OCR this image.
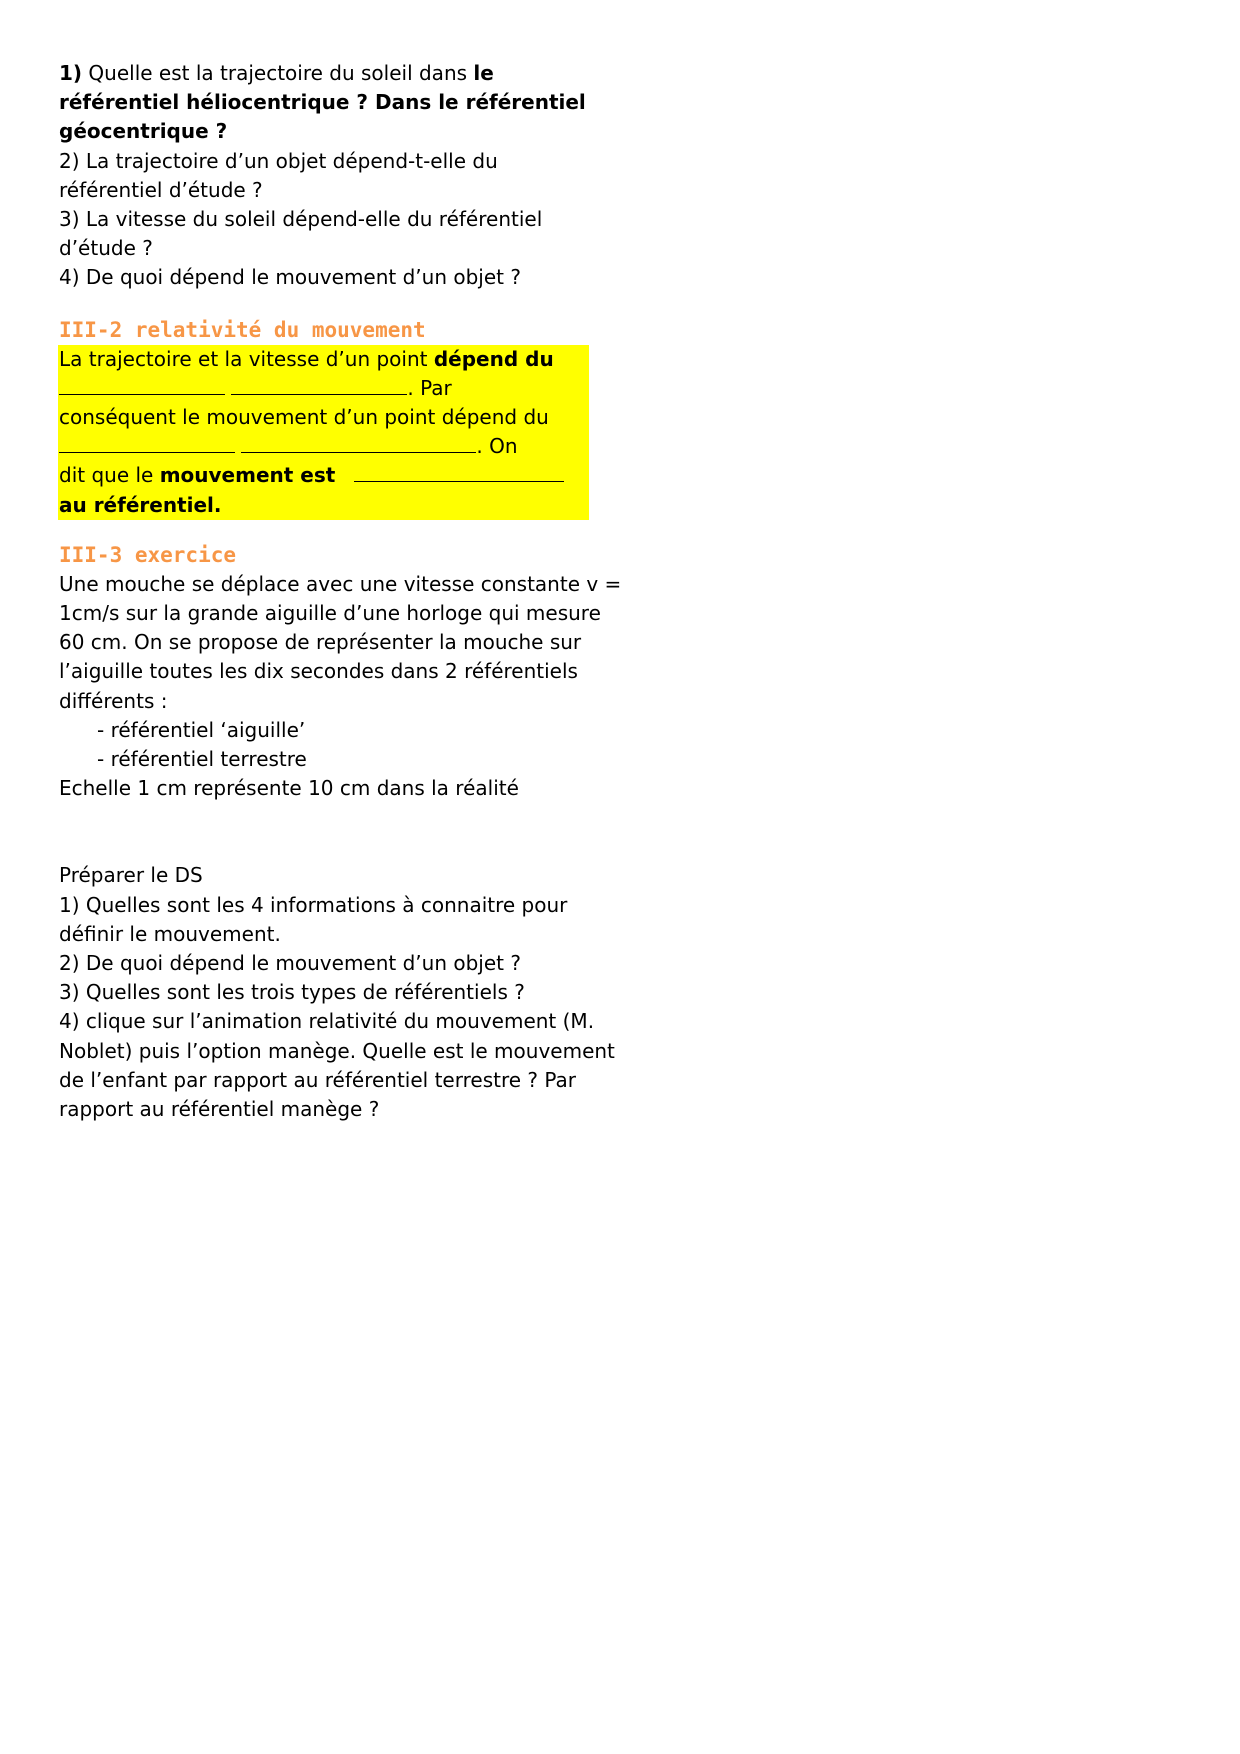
1) Quelle est la trajectoire du soleil dans le
référentiel héliocentrique ? Dans le référentiel
géocentrique ?
2) La trajectoire d’un objet dépend-t-elle du
référentiel d’étude ?
3) La vitesse du soleil dépend-elle du référentiel
d’étude ?
4) De quoi dépend le mouvement d’un objet ?
III-2 relativité du mouvement
La trajectoire et la vitesse d’un point dépend du
. Par
conséquent le mouvement d’un point dépend du
. On
dit que le mouvement est
au référentiel.
III-3 exercice
Une mouche se déplace avec une vitesse constante v =
1cm/s sur la grande aiguille d’une horloge qui mesure
60 cm. On se propose de représenter la mouche sur
l’aiguille toutes les dix secondes dans 2 référentiels
différents :
- référentiel ‘aiguille’
- référentiel terrestre
Echelle 1 cm représente 10 cm dans la réalité
Préparer le DS
1) Quelles sont les 4 informations à connaitre pour
définir le mouvement.
2) De quoi dépend le mouvement d’un objet ?
3) Quelles sont les trois types de référentiels ?
4) clique sur l’animation relativité du mouvement (M.
Noblet) puis l’option manège. Quelle est le mouvement
de l’enfant par rapport au référentiel terrestre ? Par
rapport au référentiel manège ?
